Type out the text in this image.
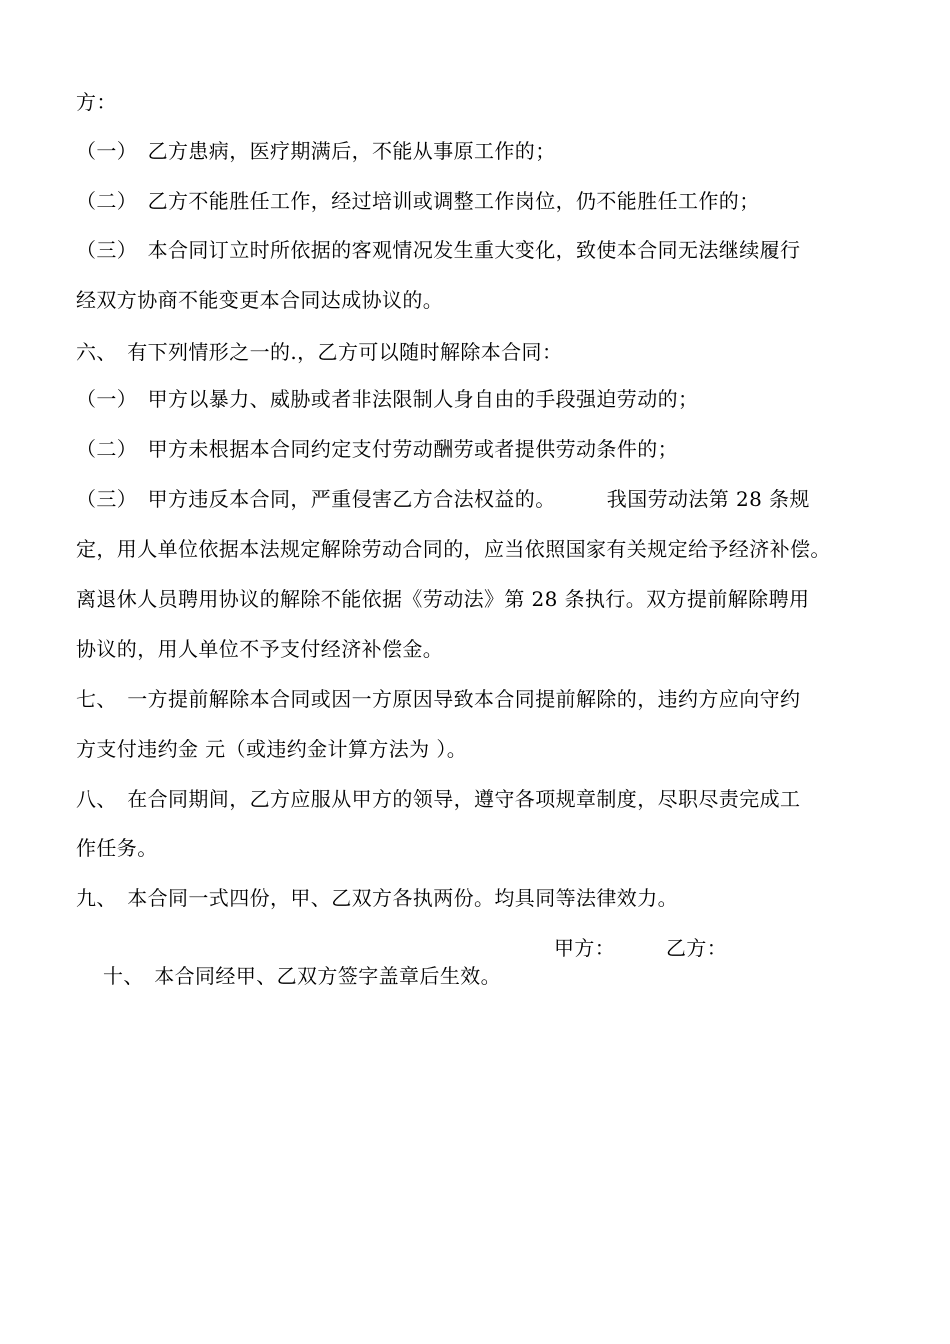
方：
（一）　乙方患病，医疗期满后，不能从事原工作的；
（二）　乙方不能胜任工作，经过培训或调整工作岗位，仍不能胜任工作的；
（三）　本合同订立时所依据的客观情况发生重大变化，致使本合同无法继续履行
经双方协商不能变更本合同达成协议的。
六、　有下列情形之一的.，乙方可以随时解除本合同：
（一）　甲方以暴力、威胁或者非法限制人身自由的手段强迫劳动的；
（二）　甲方未根据本合同约定支付劳动酬劳或者提供劳动条件的；
（三）　甲方违反本合同，严重侵害乙方合法权益的。　　　我国劳动法第 28 条规
定，用人单位依据本法规定解除劳动合同的，应当依照国家有关规定给予经济补偿。
离退休人员聘用协议的解除不能依据《劳动法》第 28 条执行。双方提前解除聘用
协议的，用人单位不予支付经济补偿金。
七、　一方提前解除本合同或因一方原因导致本合同提前解除的，违约方应向守约
方支付违约金 元（或违约金计算方法为 ）。
八、　在合同期间，乙方应服从甲方的领导，遵守各项规章制度，尽职尽责完成工
作任务。
九、　本合同一式四份，甲、乙双方各执两份。均具同等法律效力。

十、　本合同经甲、乙双方签字盖章后生效。

甲方：

	乙方：
